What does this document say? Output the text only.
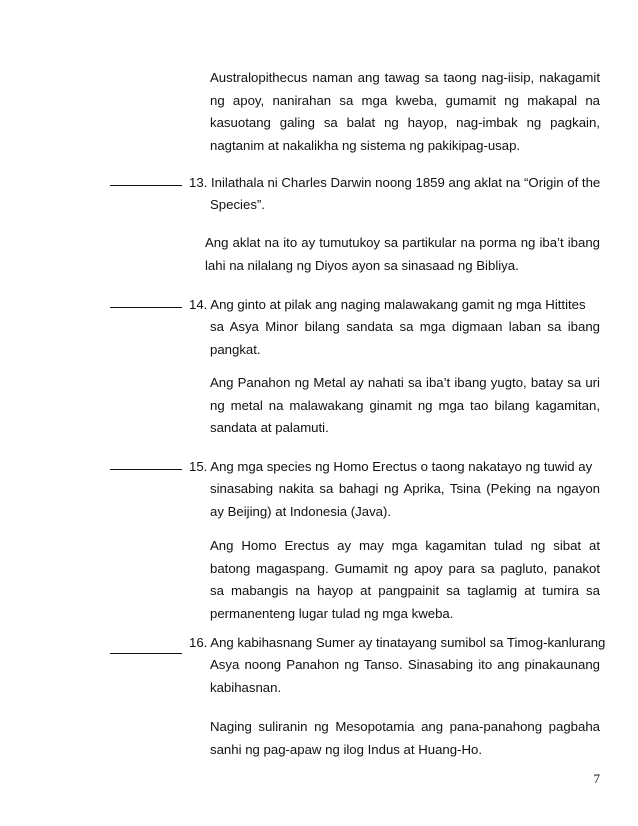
Australopithecus naman ang tawag sa taong nag-iisip, nakagamit ng apoy, nanirahan sa mga kweba, gumamit ng makapal na kasuotang galing sa balat ng hayop, nag-imbak ng pagkain, nagtanim at nakalikha ng sistema ng pakikipag-usap.
13. Inilathala ni Charles Darwin noong 1859 ang aklat na “Origin of the
Species”.
Ang aklat na ito ay tumutukoy sa partikular na porma ng iba’t ibang lahi na nilalang ng Diyos ayon sa sinasaad ng Bibliya.
14. Ang ginto at pilak ang naging malawakang gamit ng mga Hittites
sa Asya Minor bilang sandata sa mga digmaan laban sa ibang pangkat.
Ang Panahon ng Metal ay nahati sa iba’t ibang yugto, batay sa uri ng metal na malawakang ginamit ng mga tao bilang kagamitan, sandata at palamuti.
15. Ang mga species ng Homo Erectus o taong nakatayo ng tuwid ay
sinasabing nakita sa bahagi ng Aprika, Tsina (Peking na ngayon ay Beijing) at Indonesia (Java).
Ang Homo Erectus ay may mga kagamitan tulad ng sibat at batong magaspang. Gumamit ng apoy para sa pagluto, panakot sa mabangis na hayop at pangpainit sa taglamig at tumira sa permanenteng lugar tulad ng mga kweba.
16. Ang kabihasnang Sumer ay tinatayang sumibol sa Timog-kanlurang
Asya noong Panahon ng Tanso. Sinasabing ito ang pinakaunang kabihasnan.
Naging suliranin ng Mesopotamia ang pana-panahong pagbaha sanhi ng pag-apaw ng ilog Indus at Huang-Ho.
7
